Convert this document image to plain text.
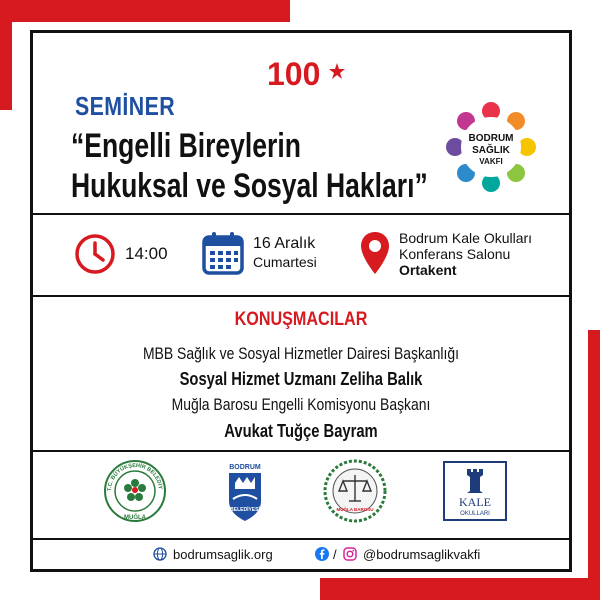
100
SEMİNER
“Engelli Bireylerin
Hukuksal ve Sosyal Hakları”
BODRUM
SAĞLIK
VAKFI
14:00
16 Aralık
Cumartesi
Bodrum Kale Okulları
Konferans Salonu
Ortakent
KONUŞMACILAR
MBB Sağlık ve Sosyal Hizmetler Dairesi Başkanlığı
Sosyal Hizmet Uzmanı Zeliha Balık
Muğla Barosu Engelli Komisyonu Başkanı
Avukat Tuğçe Bayram
T.C. BÜYÜKŞEHİR BELEDİY
MUĞLA
BODRUM
BELEDİYESİ	MUĞLA BAROSU
KALE
OKULLARI
bodrumsaglik.org	/ @bodrumsaglikvakfi
